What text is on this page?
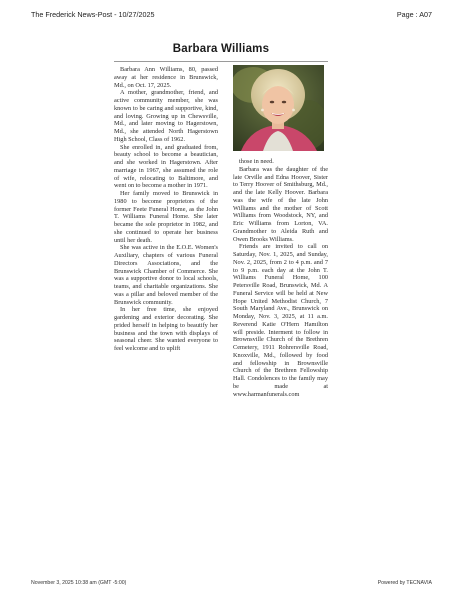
The Frederick News-Post - 10/27/2025	Page : A07
Barbara Williams

Barbara Ann Williams, 80, passed away at her residence in Brunswick, Md., on Oct. 17, 2025.

A mother, grandmother, friend, and active community member, she was known to be caring and supportive, kind, and loving. Growing up in Chewsville, Md., and later moving to Hagerstown, Md., she attended North Hagerstown High School, Class of 1962.

She enrolled in, and graduated from, beauty school to become a beautician, and she worked in Hagerstown. After marriage in 1967, she assumed the role of wife, relocating to Baltimore, and went on to become a mother in 1971.

Her family moved to Brunswick in 1980 to become proprietors of the former Feete Funeral Home, as the John T. Williams Funeral Home. She later became the sole proprietor in 1982, and she continued to operate her business until her death.

She was active in the E.O.E. Women's Auxiliary, chapters of various Funeral Directors Associations, and the Brunswick Chamber of Commerce. She was a supportive donor to local schools, teams, and charitable organizations. She was a pillar and beloved member of the Brunswick community.

In her free time, she enjoyed gardening and exterior decorating. She prided herself in helping to beautify her business and the town with displays of seasonal cheer. She wanted everyone to feel welcome and to uplift

those in need.

Barbara was the daughter of the late Orville and Edna Hoover, Sister to Terry Hoover of Smithsburg, Md., and the late Kelly Hoover. Barbara was the wife of the late John Williams and the mother of Scott Williams from Woodstock, NY, and Eric Williams from Lorton, VA. Grandmother to Aleida Ruth and Owen Brooks Williams.

Friends are invited to call on Saturday, Nov. 1, 2025, and Sunday, Nov. 2, 2025, from 2 to 4 p.m. and 7 to 9 p.m. each day at the John T. Williams Funeral Home, 100 Petersville Road, Brunswick, Md. A Funeral Service will be held at New Hope United Methodist Church, 7 South Maryland Ave., Brunswick on Monday, Nov. 3, 2025, at 11 a.m. Reverend Katie O'Hern Hamilton will preside. Interment to follow in Brownsville Church of the Brethren Cemetery, 1911 Rohrersville Road, Knoxville, Md., followed by food and fellowship in Brownsville Church of the Brethren Fellowship Hall. Condolences to the family may be made at www.harmanfunerals.com

November 3, 2025 10:38 am (GMT -5:00)	Powered by TECNAVIA
